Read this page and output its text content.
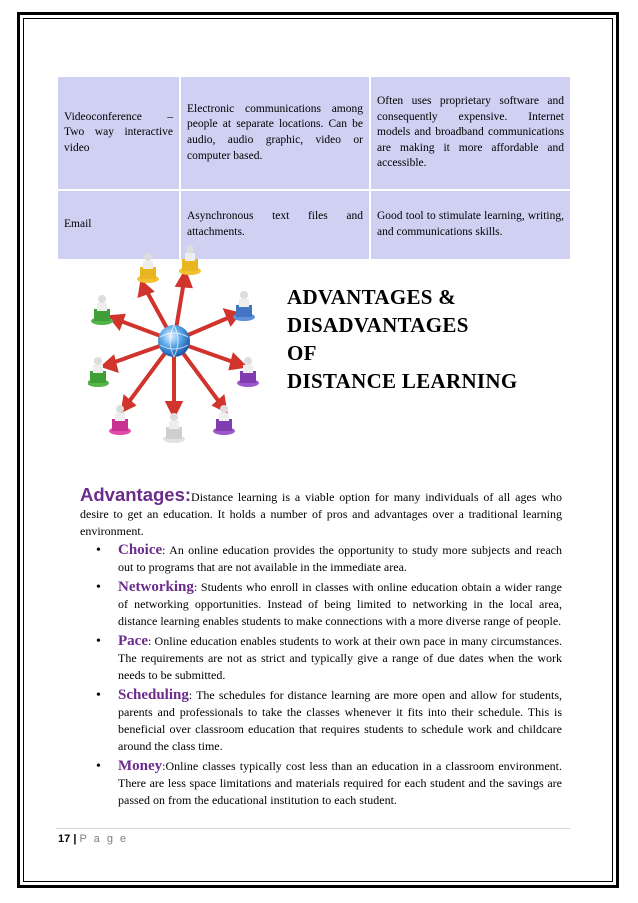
Videoconference – Two way interactive video	Electronic communications among people at separate locations. Can be audio, audio graphic, video or computer based.	Often uses proprietary software and consequently expensive. Internet models and broadband communications are making it more affordable and accessible.
Email	Asynchronous text files and attachments.	Good tool to stimulate learning, writing, and communications skills.
ADVANTAGES &
DISADVANTAGES
OF
DISTANCE LEARNING

Advantages:Distance learning is a viable option for many individuals of all ages who desire to get an education. It holds a number of pros and advantages over a traditional learning environment.

• Choice: An online education provides the opportunity to study more subjects and reach out to programs that are not available in the immediate area.
• Networking: Students who enroll in classes with online education obtain a wider range of networking opportunities. Instead of being limited to networking in the local area, distance learning enables students to make connections with a more diverse range of people.
• Pace: Online education enables students to work at their own pace in many circumstances. The requirements are not as strict and typically give a range of due dates when the work needs to be submitted.
• Scheduling: The schedules for distance learning are more open and allow for students, parents and professionals to take the classes whenever it fits into their schedule. This is beneficial over classroom education that requires students to schedule work and childcare around the class time.
• Money:Online classes typically cost less than an education in a classroom environment. There are less space limitations and materials required for each student and the savings are passed on from the educational institution to each student.
17 | P a g e
